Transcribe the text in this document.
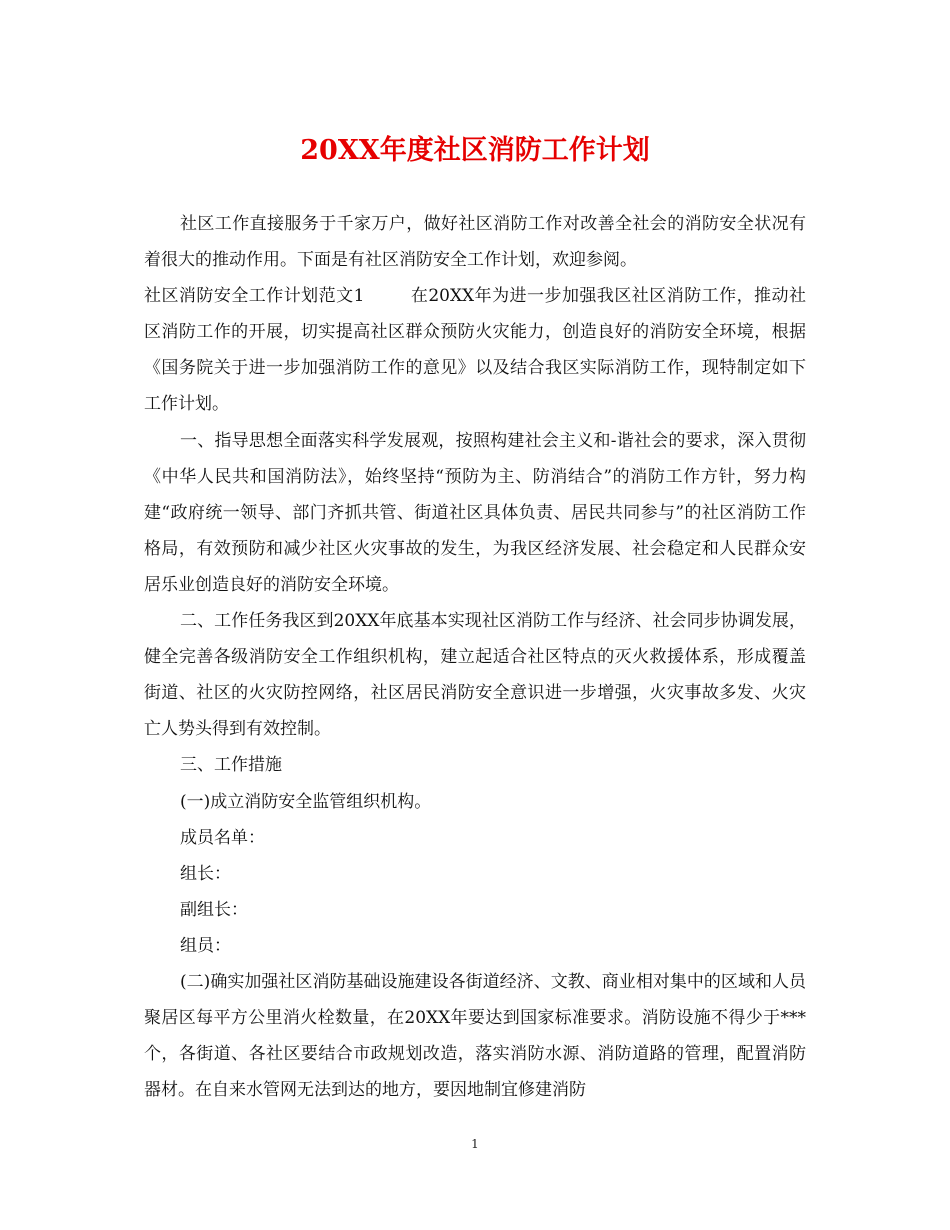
20XX年度社区消防工作计划

社区工作直接服务于千家万户，做好社区消防工作对改善全社会的消防安全状况有着很大的推动作用。下面是有社区消防安全工作计划，欢迎参阅。

社区消防安全工作计划范文1	在20XX年为进一步加强我区社区消防工作，推动社区消防工作的开展，切实提高社区群众预防火灾能力，创造良好的消防安全环境，根据《国务院关于进一步加强消防工作的意见》以及结合我区实际消防工作，现特制定如下工作计划。

一、指导思想全面落实科学发展观，按照构建社会主义和-谐社会的要求，深入贯彻《中华人民共和国消防法》，始终坚持“预防为主、防消结合”的消防工作方针，努力构建“政府统一领导、部门齐抓共管、街道社区具体负责、居民共同参与”的社区消防工作格局，有效预防和减少社区火灾事故的发生，为我区经济发展、社会稳定和人民群众安居乐业创造良好的消防安全环境。

二、工作任务我区到20XX年底基本实现社区消防工作与经济、社会同步协调发展，健全完善各级消防安全工作组织机构，建立起适合社区特点的灭火救援体系，形成覆盖街道、社区的火灾防控网络，社区居民消防安全意识进一步增强，火灾事故多发、火灾亡人势头得到有效控制。

三、工作措施

(一)成立消防安全监管组织机构。

成员名单：

组长：

副组长：

组员：

(二)确实加强社区消防基础设施建设各街道经济、文教、商业相对集中的区域和人员聚居区每平方公里消火栓数量，在20XX年要达到国家标准要求。消防设施不得少于***个，各街道、各社区要结合市政规划改造，落实消防水源、消防道路的管理，配置消防器材。在自来水管网无法到达的地方，要因地制宜修建消防

1
